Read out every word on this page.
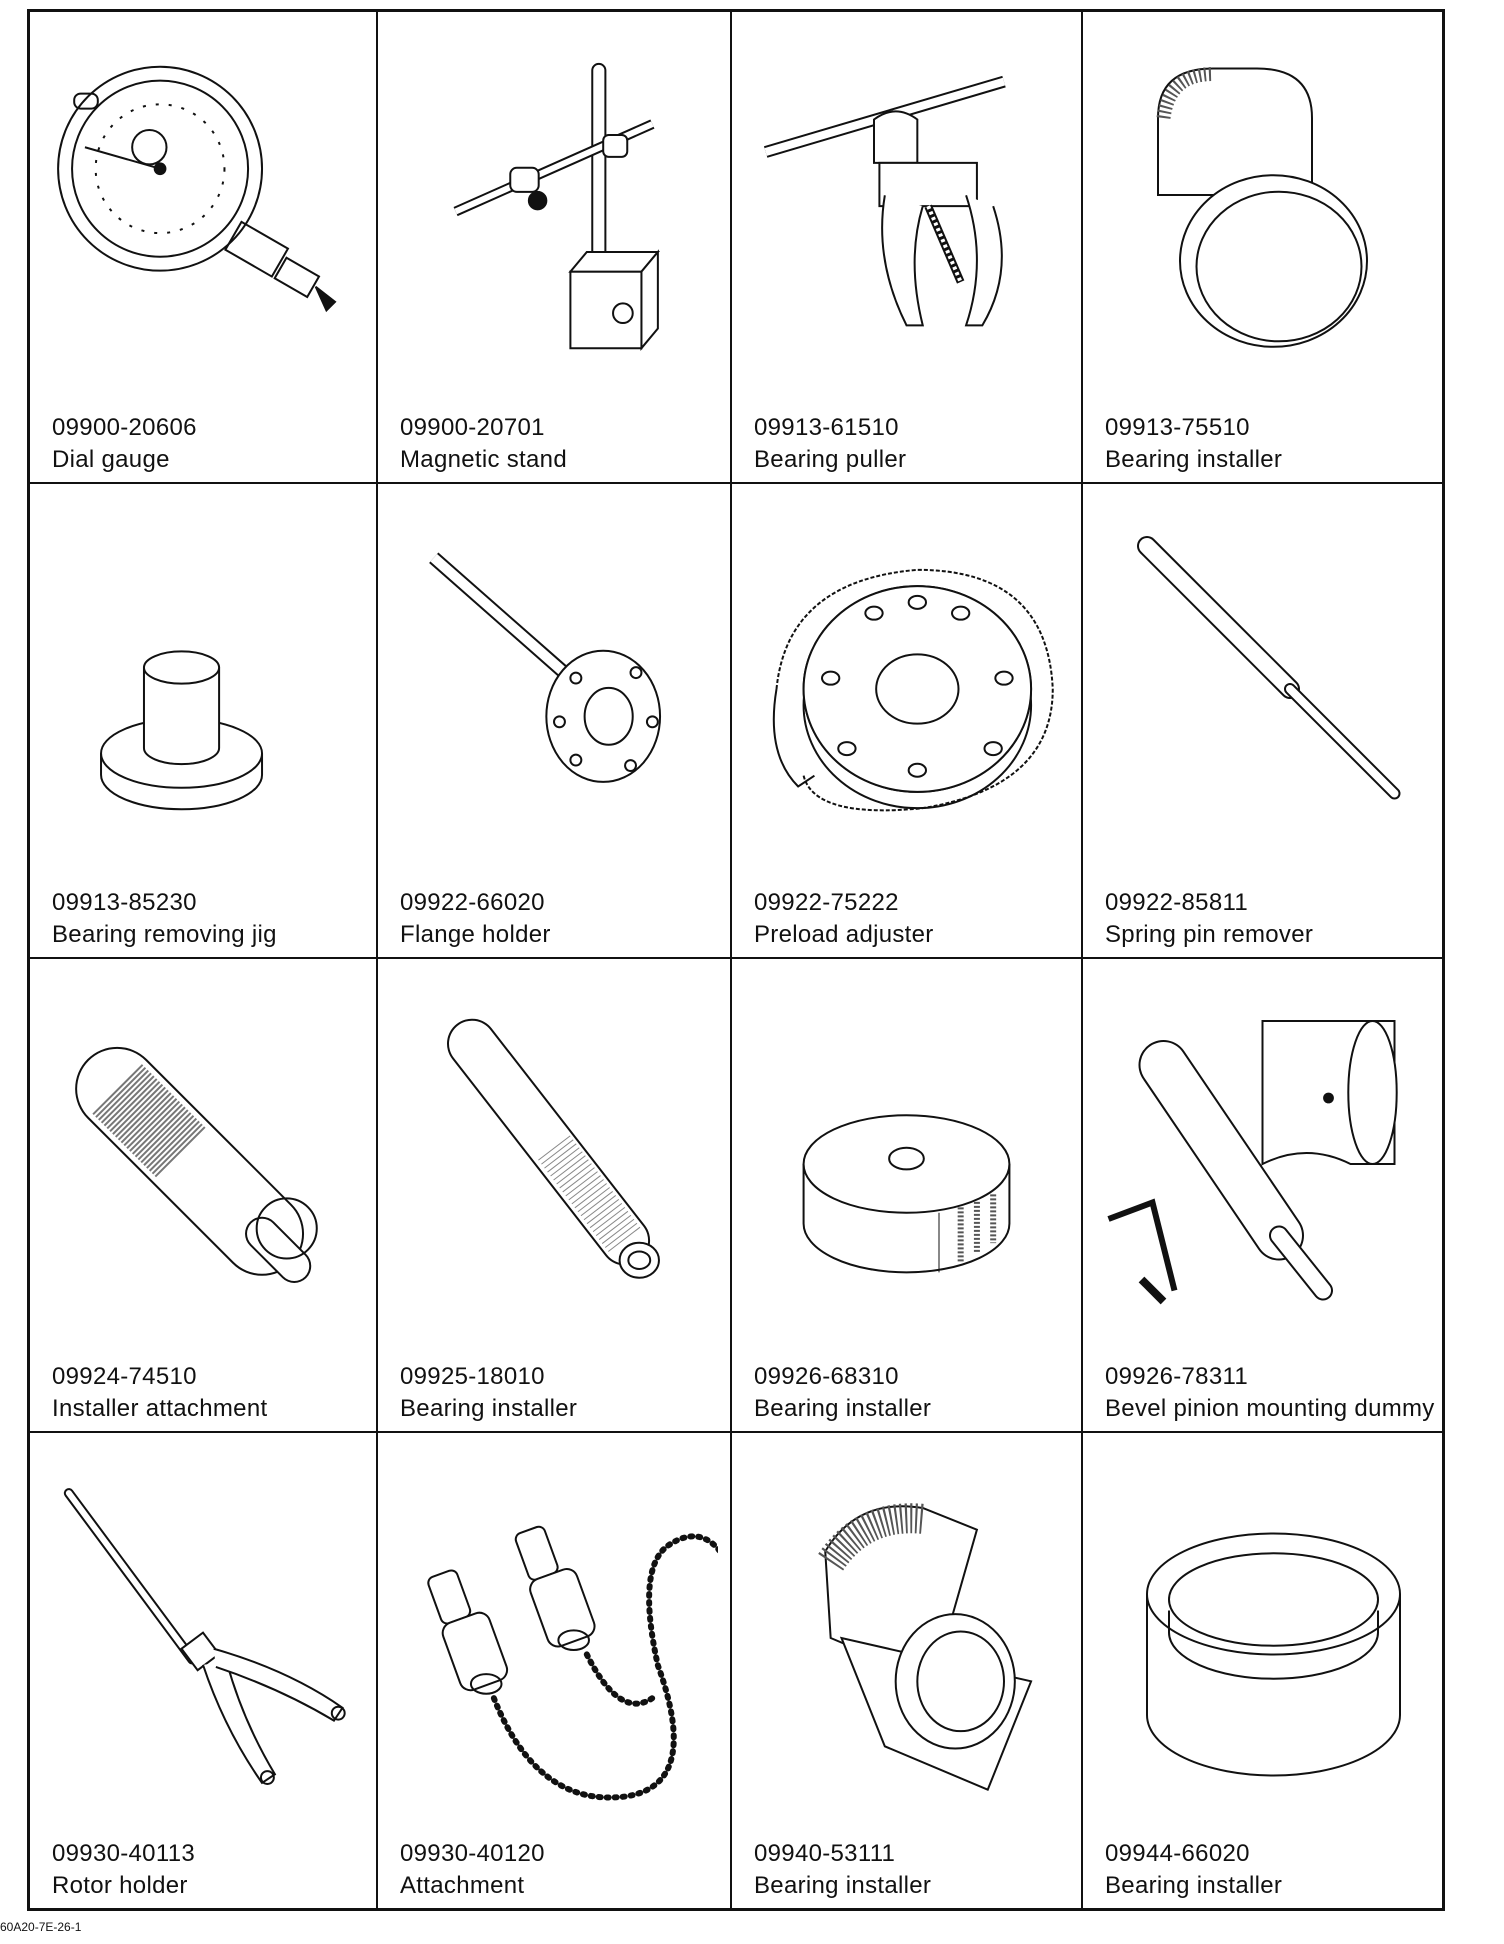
09900-20606
Dial gauge
09900-20701
Magnetic stand
09913-61510
Bearing puller
09913-75510
Bearing installer
09913-85230
Bearing removing jig
09922-66020
Flange holder
09922-75222
Preload adjuster
09922-85811
Spring pin remover
09924-74510
Installer attachment
09925-18010
Bearing installer
09926-68310
Bearing installer
09926-78311
Bevel pinion mounting dummy
09930-40113
Rotor holder
09930-40120
Attachment
09940-53111
Bearing installer
09944-66020
Bearing installer
60A20-7E-26-1
